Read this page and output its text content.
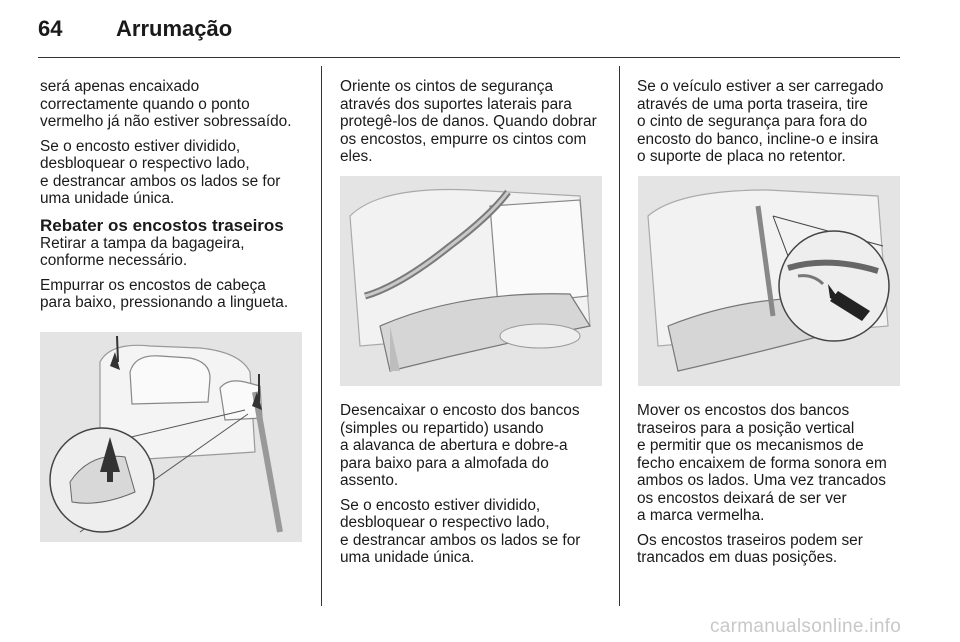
64 Arrumação

será apenas encaixado
correctamente quando o ponto
vermelho já não estiver sobressaído.

Se o encosto estiver dividido,
desbloquear o respectivo lado,
e destrancar ambos os lados se for
uma unidade única.

Rebater os encostos traseiros

Retirar a tampa da bagageira,
conforme necessário.

Empurrar os encostos de cabeça
para baixo, pressionando a lingueta.

Oriente os cintos de segurança
através dos suportes laterais para
protegê-los de danos. Quando dobrar
os encostos, empurre os cintos com
eles.

Desencaixar o encosto dos bancos
(simples ou repartido) usando
a alavanca de abertura e dobre-a
para baixo para a almofada do
assento.

Se o encosto estiver dividido,
desbloquear o respectivo lado,
e destrancar ambos os lados se for
uma unidade única.

Se o veículo estiver a ser carregado
através de uma porta traseira, tire
o cinto de segurança para fora do
encosto do banco, incline-o e insira
o suporte de placa no retentor.

Mover os encostos dos bancos
traseiros para a posição vertical
e permitir que os mecanismos de
fecho encaixem de forma sonora em
ambos os lados. Uma vez trancados
os encostos deixará de ser ver
a marca vermelha.

Os encostos traseiros podem ser
trancados em duas posições.

carmanualsonline.info
